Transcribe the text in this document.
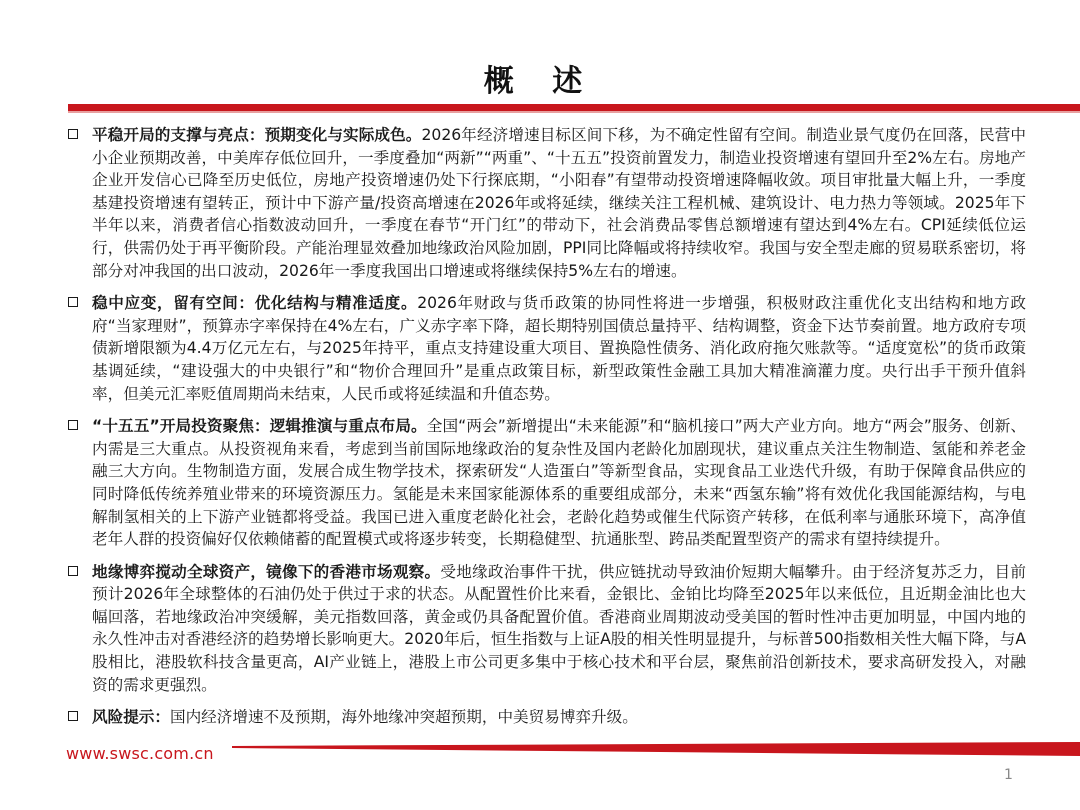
概 述
平稳开局的支撑与亮点：预期变化与实际成色。2026年经济增速目标区间下移，为不确定性留有空间。制造业景气度仍在回落，民营中小企业预期改善，中美库存低位回升，一季度叠加“两新”“两重”、“十五五”投资前置发力，制造业投资增速有望回升至2%左右。房地产企业开发信心已降至历史低位，房地产投资增速仍处下行探底期，“小阳春”有望带动投资增速降幅收敛。项目审批量大幅上升，一季度基建投资增速有望转正，预计中下游产量/投资高增速在2026年或将延续，继续关注工程机械、建筑设计、电力热力等领域。2025年下半年以来，消费者信心指数波动回升，一季度在春节“开门红”的带动下，社会消费品零售总额增速有望达到4%左右。CPI延续低位运行，供需仍处于再平衡阶段。产能治理显效叠加地缘政治风险加剧，PPI同比降幅或将持续收窄。我国与安全型走廊的贸易联系密切，将部分对冲我国的出口波动，2026年一季度我国出口增速或将继续保持5%左右的增速。
稳中应变，留有空间：优化结构与精准适度。2026年财政与货币政策的协同性将进一步增强，积极财政注重优化支出结构和地方政府“当家理财”，预算赤字率保持在4%左右，广义赤字率下降，超长期特别国债总量持平、结构调整，资金下达节奏前置。地方政府专项债新增限额为4.4万亿元左右，与2025年持平，重点支持建设重大项目、置换隐性债务、消化政府拖欠账款等。“适度宽松”的货币政策基调延续，“建设强大的中央银行”和“物价合理回升”是重点政策目标，新型政策性金融工具加大精准滴灌力度。央行出手干预升值斜率，但美元汇率贬值周期尚未结束，人民币或将延续温和升值态势。
“十五五”开局投资聚焦：逻辑推演与重点布局。全国“两会”新增提出“未来能源”和“脑机接口”两大产业方向。地方“两会”服务、创新、内需是三大重点。从投资视角来看，考虑到当前国际地缘政治的复杂性及国内老龄化加剧现状，建议重点关注生物制造、氢能和养老金融三大方向。生物制造方面，发展合成生物学技术，探索研发“人造蛋白”等新型食品，实现食品工业迭代升级，有助于保障食品供应的同时降低传统养殖业带来的环境资源压力。氢能是未来国家能源体系的重要组成部分，未来“西氢东输”将有效优化我国能源结构，与电解制氢相关的上下游产业链都将受益。我国已进入重度老龄化社会，老龄化趋势或催生代际资产转移，在低利率与通胀环境下，高净值老年人群的投资偏好仅依赖储蓄的配置模式或将逐步转变，长期稳健型、抗通胀型、跨品类配置型资产的需求有望持续提升。
地缘博弈搅动全球资产，镜像下的香港市场观察。受地缘政治事件干扰，供应链扰动导致油价短期大幅攀升。由于经济复苏乏力，目前预计2026年全球整体的石油仍处于供过于求的状态。从配置性价比来看，金银比、金铂比均降至2025年以来低位，且近期金油比也大幅回落，若地缘政治冲突缓解，美元指数回落，黄金或仍具备配置价值。香港商业周期波动受美国的暂时性冲击更加明显，中国内地的永久性冲击对香港经济的趋势增长影响更大。2020年后，恒生指数与上证A股的相关性明显提升，与标普500指数相关性大幅下降，与A股相比，港股软科技含量更高，AI产业链上，港股上市公司更多集中于核心技术和平台层，聚焦前沿创新技术，要求高研发投入，对融资的需求更强烈。
风险提示：国内经济增速不及预期，海外地缘冲突超预期，中美贸易博弈升级。
www.swsc.com.cn
1
